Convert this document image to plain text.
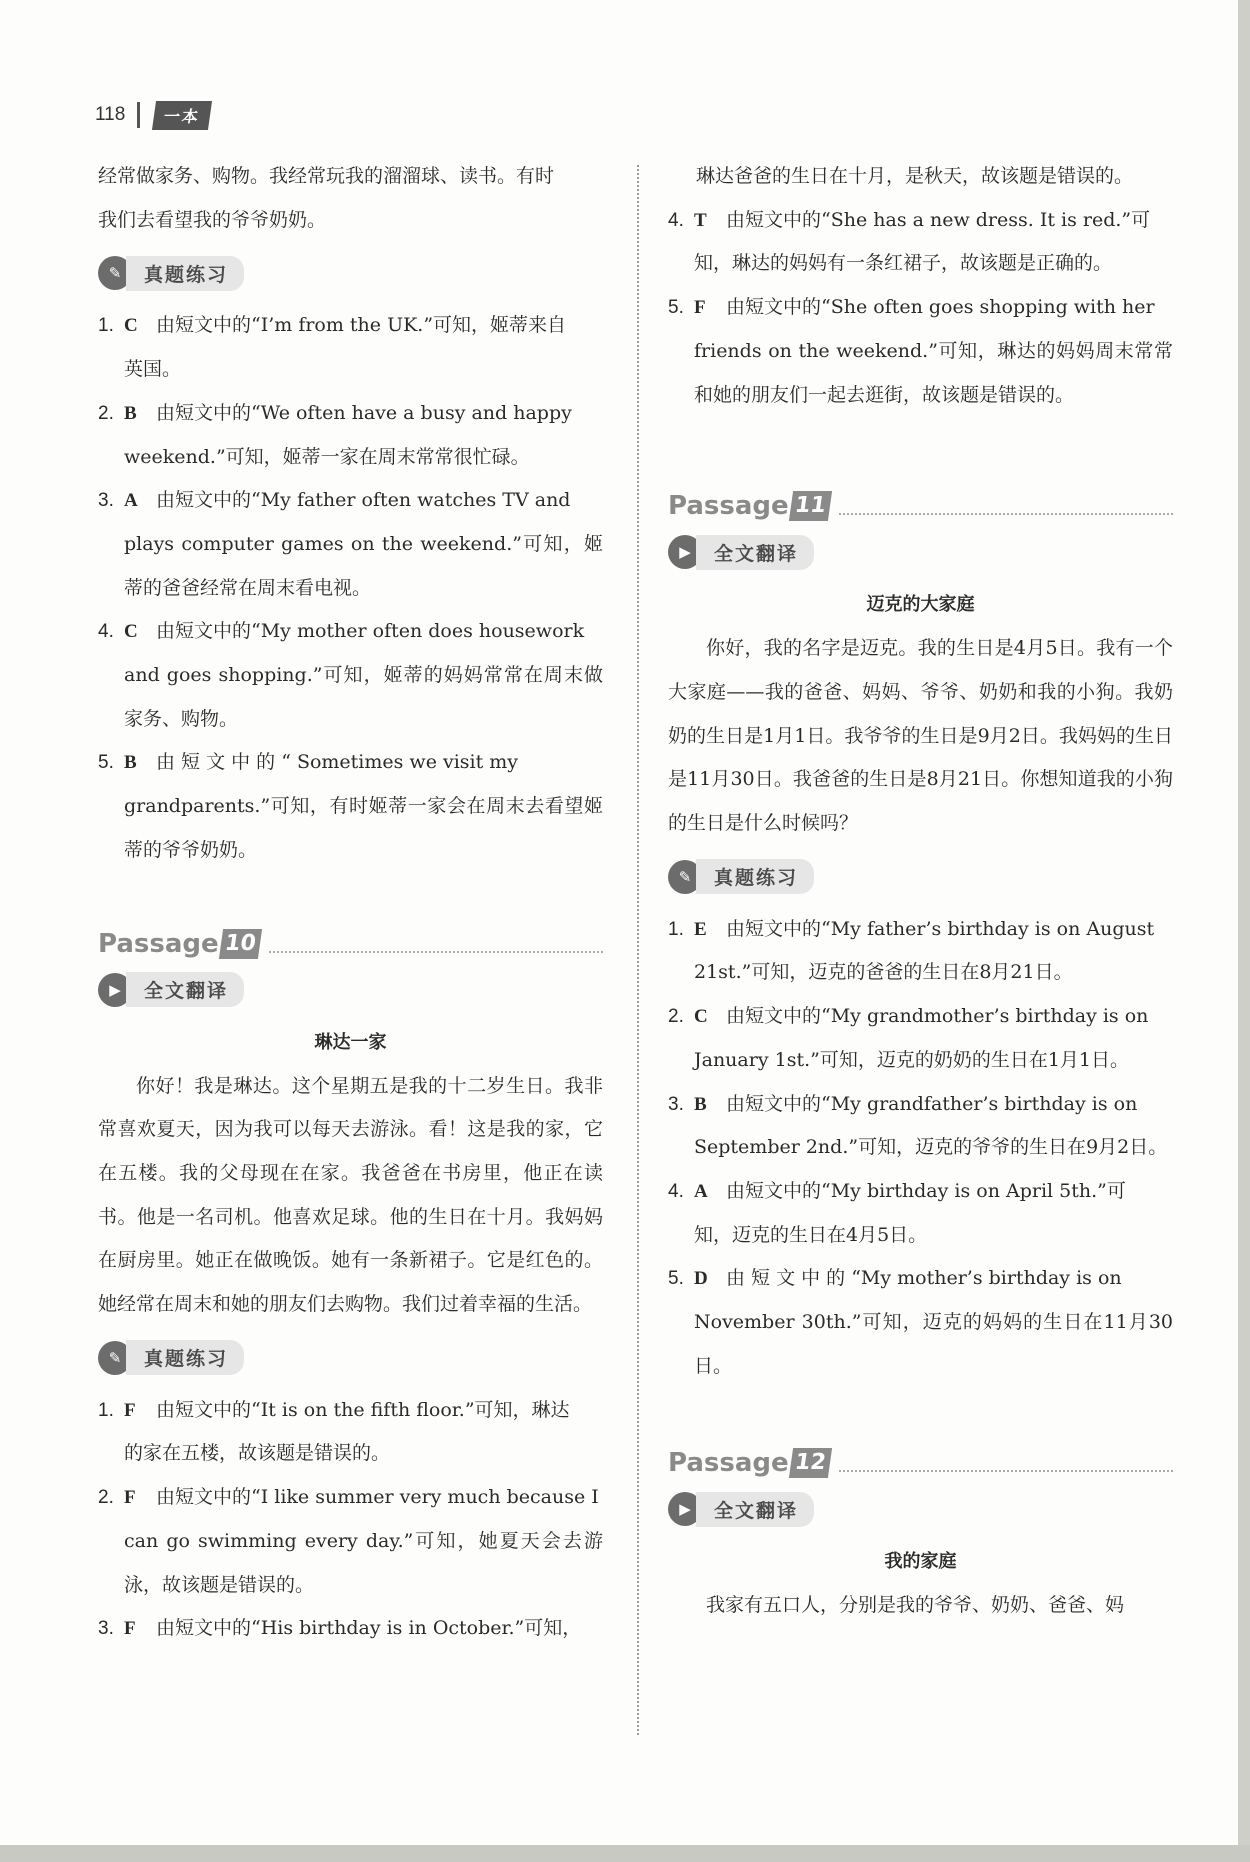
118	一本

经常做家务、购物。我经常玩我的溜溜球、读书。有时

我们去看望我的爷爷奶奶。

✎	真题练习
1. C 由短文中的“I’m from the UK.”可知，姬蒂来自
英国。
2. B	由短文中的“We often have a busy and happy
weekend.”可知，姬蒂一家在周末常常很忙碌。
3. A 由短文中的“My father often watches TV and
plays computer games on the weekend.”可知，姬蒂的爸爸经常在周末看电视。
4. C 由短文中的“My mother often does housework
and goes shopping.”可知，姬蒂的妈妈常常在周末做家务、购物。
5. B	由 短 文 中 的 “ Sometimes we visit my
grandparents.”可知，有时姬蒂一家会在周末去看望姬蒂的爷爷奶奶。
Passage 10
▶	全文翻译
琳达一家

你好！我是琳达。这个星期五是我的十二岁生日。我非常喜欢夏天，因为我可以每天去游泳。看！这是我的家，它在五楼。我的父母现在在家。我爸爸在书房里，他正在读书。他是一名司机。他喜欢足球。他的生日在十月。我妈妈在厨房里。她正在做晚饭。她有一条新裙子。它是红色的。她经常在周末和她的朋友们去购物。我们过着幸福的生活。

✎	真题练习
1. F	由短文中的“It is on the fifth floor.”可知，琳达
的家在五楼，故该题是错误的。
2. F	由短文中的“I like summer very much because I
can go swimming every day.”可知，她夏天会去游泳，故该题是错误的。
3. F	由短文中的“His birthday is in October.”可知，

琳达爸爸的生日在十月，是秋天，故该题是错误的。

4. T	由短文中的“She has a new dress. It is red.”可
知，琳达的妈妈有一条红裙子，故该题是正确的。
5. F	由短文中的“She often goes shopping with her
friends on the weekend.”可知，琳达的妈妈周末常常和她的朋友们一起去逛街，故该题是错误的。
Passage 11
▶	全文翻译
迈克的大家庭

你好，我的名字是迈克。我的生日是4月5日。我有一个大家庭——我的爸爸、妈妈、爷爷、奶奶和我的小狗。我奶奶的生日是1月1日。我爷爷的生日是9月2日。我妈妈的生日是11月30日。我爸爸的生日是8月21日。你想知道我的小狗的生日是什么时候吗？

✎	真题练习
1. E	由短文中的“My father’s birthday is on August
21st.”可知，迈克的爸爸的生日在8月21日。
2. C 由短文中的“My grandmother’s birthday is on
January 1st.”可知，迈克的奶奶的生日在1月1日。
3. B	由短文中的“My grandfather’s birthday is on
September 2nd.”可知，迈克的爷爷的生日在9月2日。
4. A 由短文中的“My birthday is on April 5th.”可
知，迈克的生日在4月5日。
5. D 由 短 文 中 的 “My mother’s birthday is on
November 30th.”可知，迈克的妈妈的生日在11月30日。
Passage 12
▶	全文翻译
我的家庭

我家有五口人，分别是我的爷爷、奶奶、爸爸、妈
